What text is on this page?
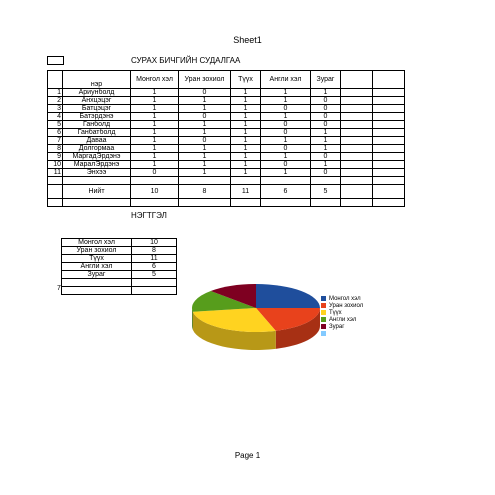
Sheet1
СУРАХ БИЧГИЙН СУДАЛГАА
	нэр	Монгол хэл	Уран зохиол	Түүх	Англи хэл	Зураг		
1	Ариунболд	1	0	1	1	1		
2	Анхцэцэг	1	1	1	1	0		
3	Батцэцэг	1	1	1	0	0		
4	Батэрдэнэ	1	0	1	1	0		
5	Ганболд	1	1	1	0	0		
6	Ганбатболд	1	1	1	0	1		
7	Даваа	1	0	1	1	1		
8	Долгормаа	1	1	1	0	1		
9	МаргадЭрдэнэ	1	1	1	1	0		
10	МаралЭрдэнэ	1	1	1	0	1		
11	Энхээ	0	1	1	1	0		

	Нийт	10	8	11	6	5		

НЭГТГЭЛ
Монгол хэл	10
Уран зохиол	8
Түүх	11
Англи хэл	6
Зураг	5

7
Монгол хэл
Уран зохиол
Түүх
Англи хэл
Зураг
Page 1
